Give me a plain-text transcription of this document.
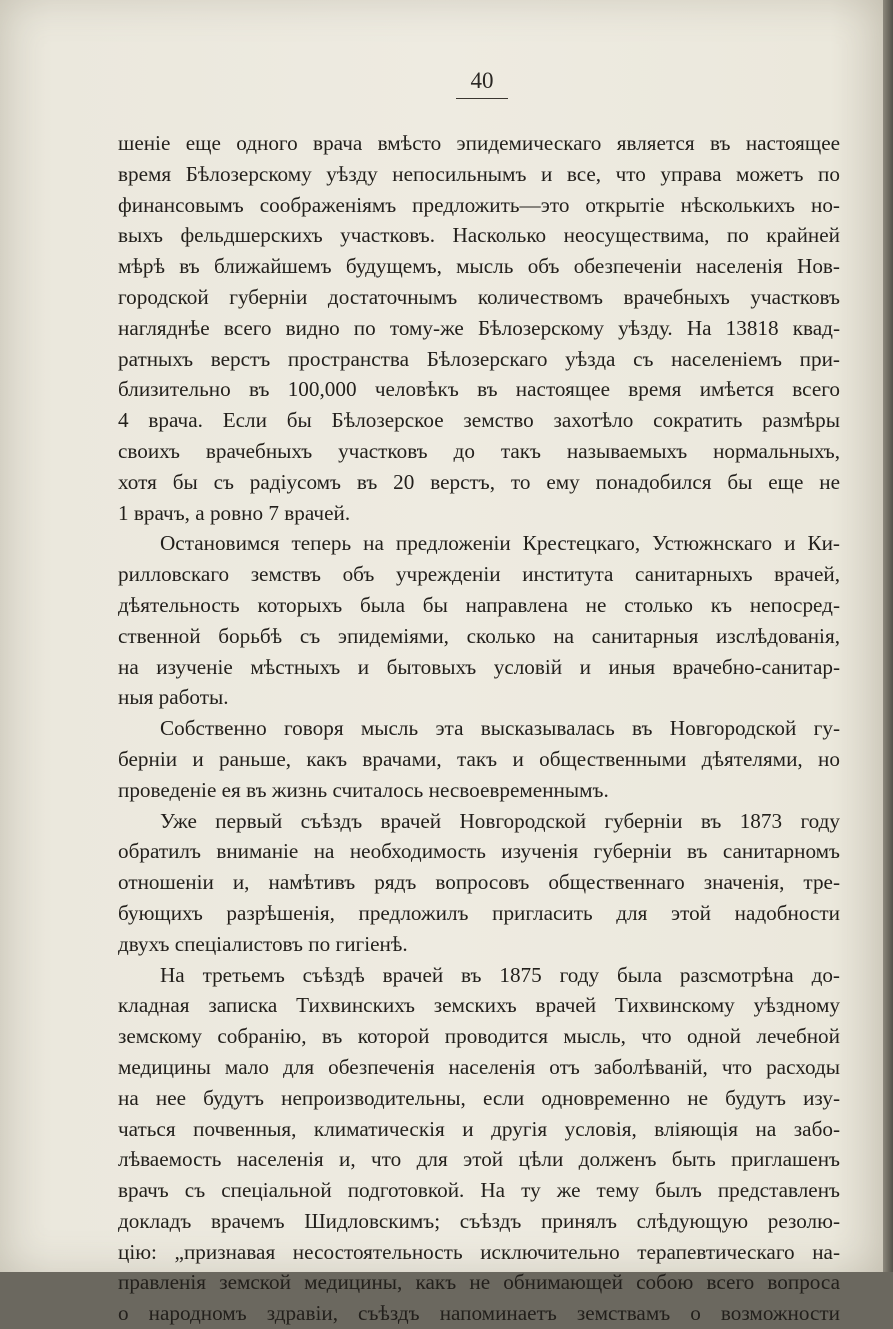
40
шеніе еще одного врача вмѣсто эпидемическаго является въ настоящее
время Бѣлозерскому уѣзду непосильнымъ и все, что управа можетъ по
финансовымъ соображеніямъ предложить—это открытіе нѣсколькихъ но-
выхъ фельдшерскихъ участковъ. Насколько неосуществима, по крайней
мѣрѣ въ ближайшемъ будущемъ, мысль объ обезпеченіи населенія Нов-
городской губерніи достаточнымъ количествомъ врачебныхъ участковъ
нагляднѣе всего видно по тому-же Бѣлозерскому уѣзду. На 13818 квад-
ратныхъ верстъ пространства Бѣлозерскаго уѣзда съ населеніемъ при-
близительно въ 100,000 человѣкъ въ настоящее время имѣется всего
4 врача. Если бы Бѣлозерское земство захотѣло сократить размѣры
своихъ врачебныхъ участковъ до такъ называемыхъ нормальныхъ,
хотя бы съ радіусомъ въ 20 верстъ, то ему понадобился бы еще не
1 врачъ, а ровно 7 врачей.
Остановимся теперь на предложеніи Крестецкаго, Устюжнскаго и Ки-
рилловскаго земствъ объ учрежденіи института санитарныхъ врачей,
дѣятельность которыхъ была бы направлена не столько къ непосред-
ственной борьбѣ съ эпидеміями, сколько на санитарныя изслѣдованія,
на изученіе мѣстныхъ и бытовыхъ условій и иныя врачебно-санитар-
ныя работы.
Собственно говоря мысль эта высказывалась въ Новгородской гу-
берніи и раньше, какъ врачами, такъ и общественными дѣятелями, но
проведеніе ея въ жизнь считалось несвоевременнымъ.
Уже первый съѣздъ врачей Новгородской губерніи въ 1873 году
обратилъ вниманіе на необходимость изученія губерніи въ санитарномъ
отношеніи и, намѣтивъ рядъ вопросовъ общественнаго значенія, тре-
бующихъ разрѣшенія, предложилъ пригласить для этой надобности
двухъ спеціалистовъ по гигіенѣ.
На третьемъ съѣздѣ врачей въ 1875 году была разсмотрѣна до-
кладная записка Тихвинскихъ земскихъ врачей Тихвинскому уѣздному
земскому собранію, въ которой проводится мысль, что одной лечебной
медицины мало для обезпеченія населенія отъ заболѣваній, что расходы
на нее будутъ непроизводительны, если одновременно не будутъ изу-
чаться почвенныя, климатическія и другія условія, вліяющія на забо-
лѣваемость населенія и, что для этой цѣли долженъ быть приглашенъ
врачъ съ спеціальной подготовкой. На ту же тему былъ представленъ
докладъ врачемъ Шидловскимъ; съѣздъ принялъ слѣдующую резолю-
цію: „признавая несостоятельность исключительно терапевтическаго на-
правленія земской медицины, какъ не обнимающей собою всего вопроса
о народномъ здравіи, съѣздъ напоминаетъ земствамъ о возможности
